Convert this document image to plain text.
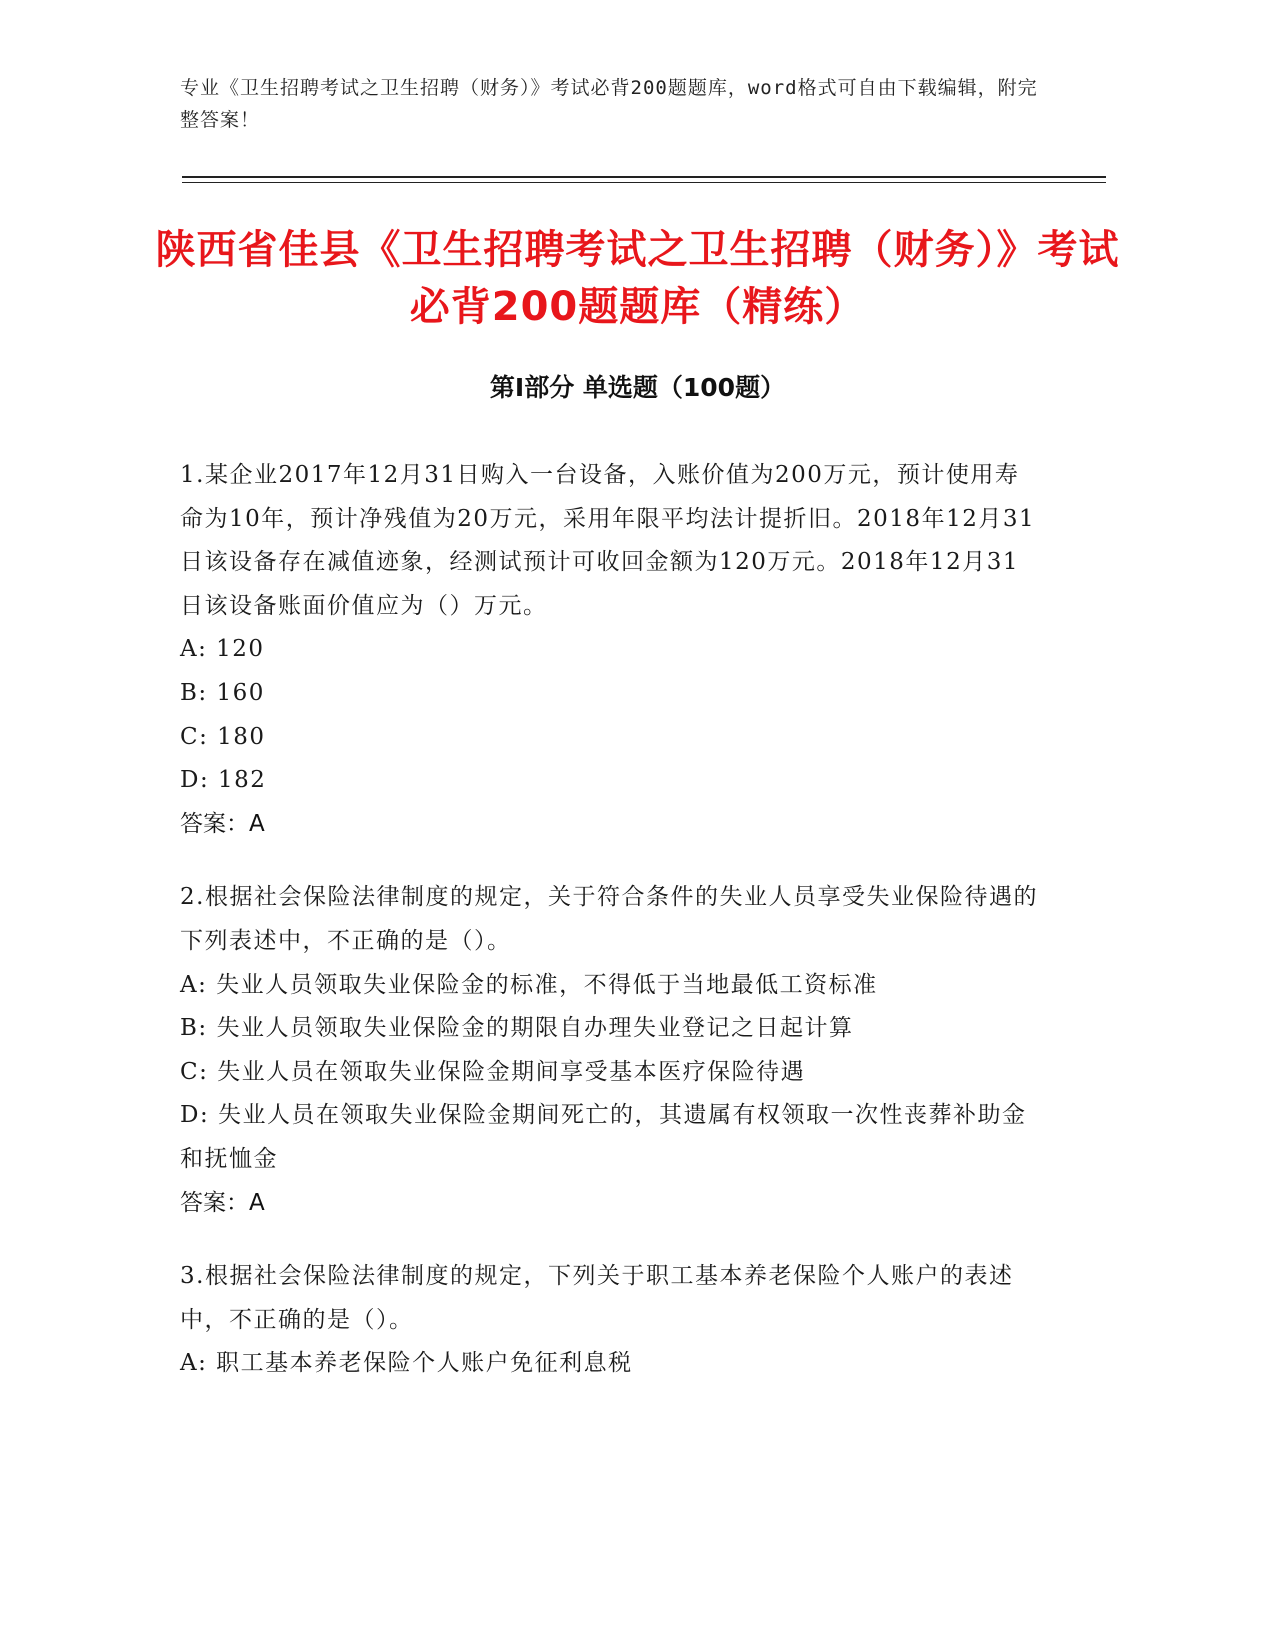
专业《卫生招聘考试之卫生招聘（财务）》考试必背200题题库，word格式可自由下载编辑，附完整答案！
陕西省佳县《卫生招聘考试之卫生招聘（财务）》考试必背200题题库（精练）
第Ⅰ部分 单选题（100题）

1.某企业2017年12月31日购入一台设备，入账价值为200万元，预计使用寿命为10年，预计净残值为20万元，采用年限平均法计提折旧。2018年12月31日该设备存在减值迹象，经测试预计可收回金额为120万元。2018年12月31日该设备账面价值应为（）万元。

A: 120

B: 160

C: 180

D: 182

答案：A

2.根据社会保险法律制度的规定，关于符合条件的失业人员享受失业保险待遇的下列表述中，不正确的是（）。

A: 失业人员领取失业保险金的标准，不得低于当地最低工资标准

B: 失业人员领取失业保险金的期限自办理失业登记之日起计算

C: 失业人员在领取失业保险金期间享受基本医疗保险待遇

D: 失业人员在领取失业保险金期间死亡的，其遗属有权领取一次性丧葬补助金和抚恤金

答案：A

3.根据社会保险法律制度的规定，下列关于职工基本养老保险个人账户的表述中，不正确的是（）。

A: 职工基本养老保险个人账户免征利息税
